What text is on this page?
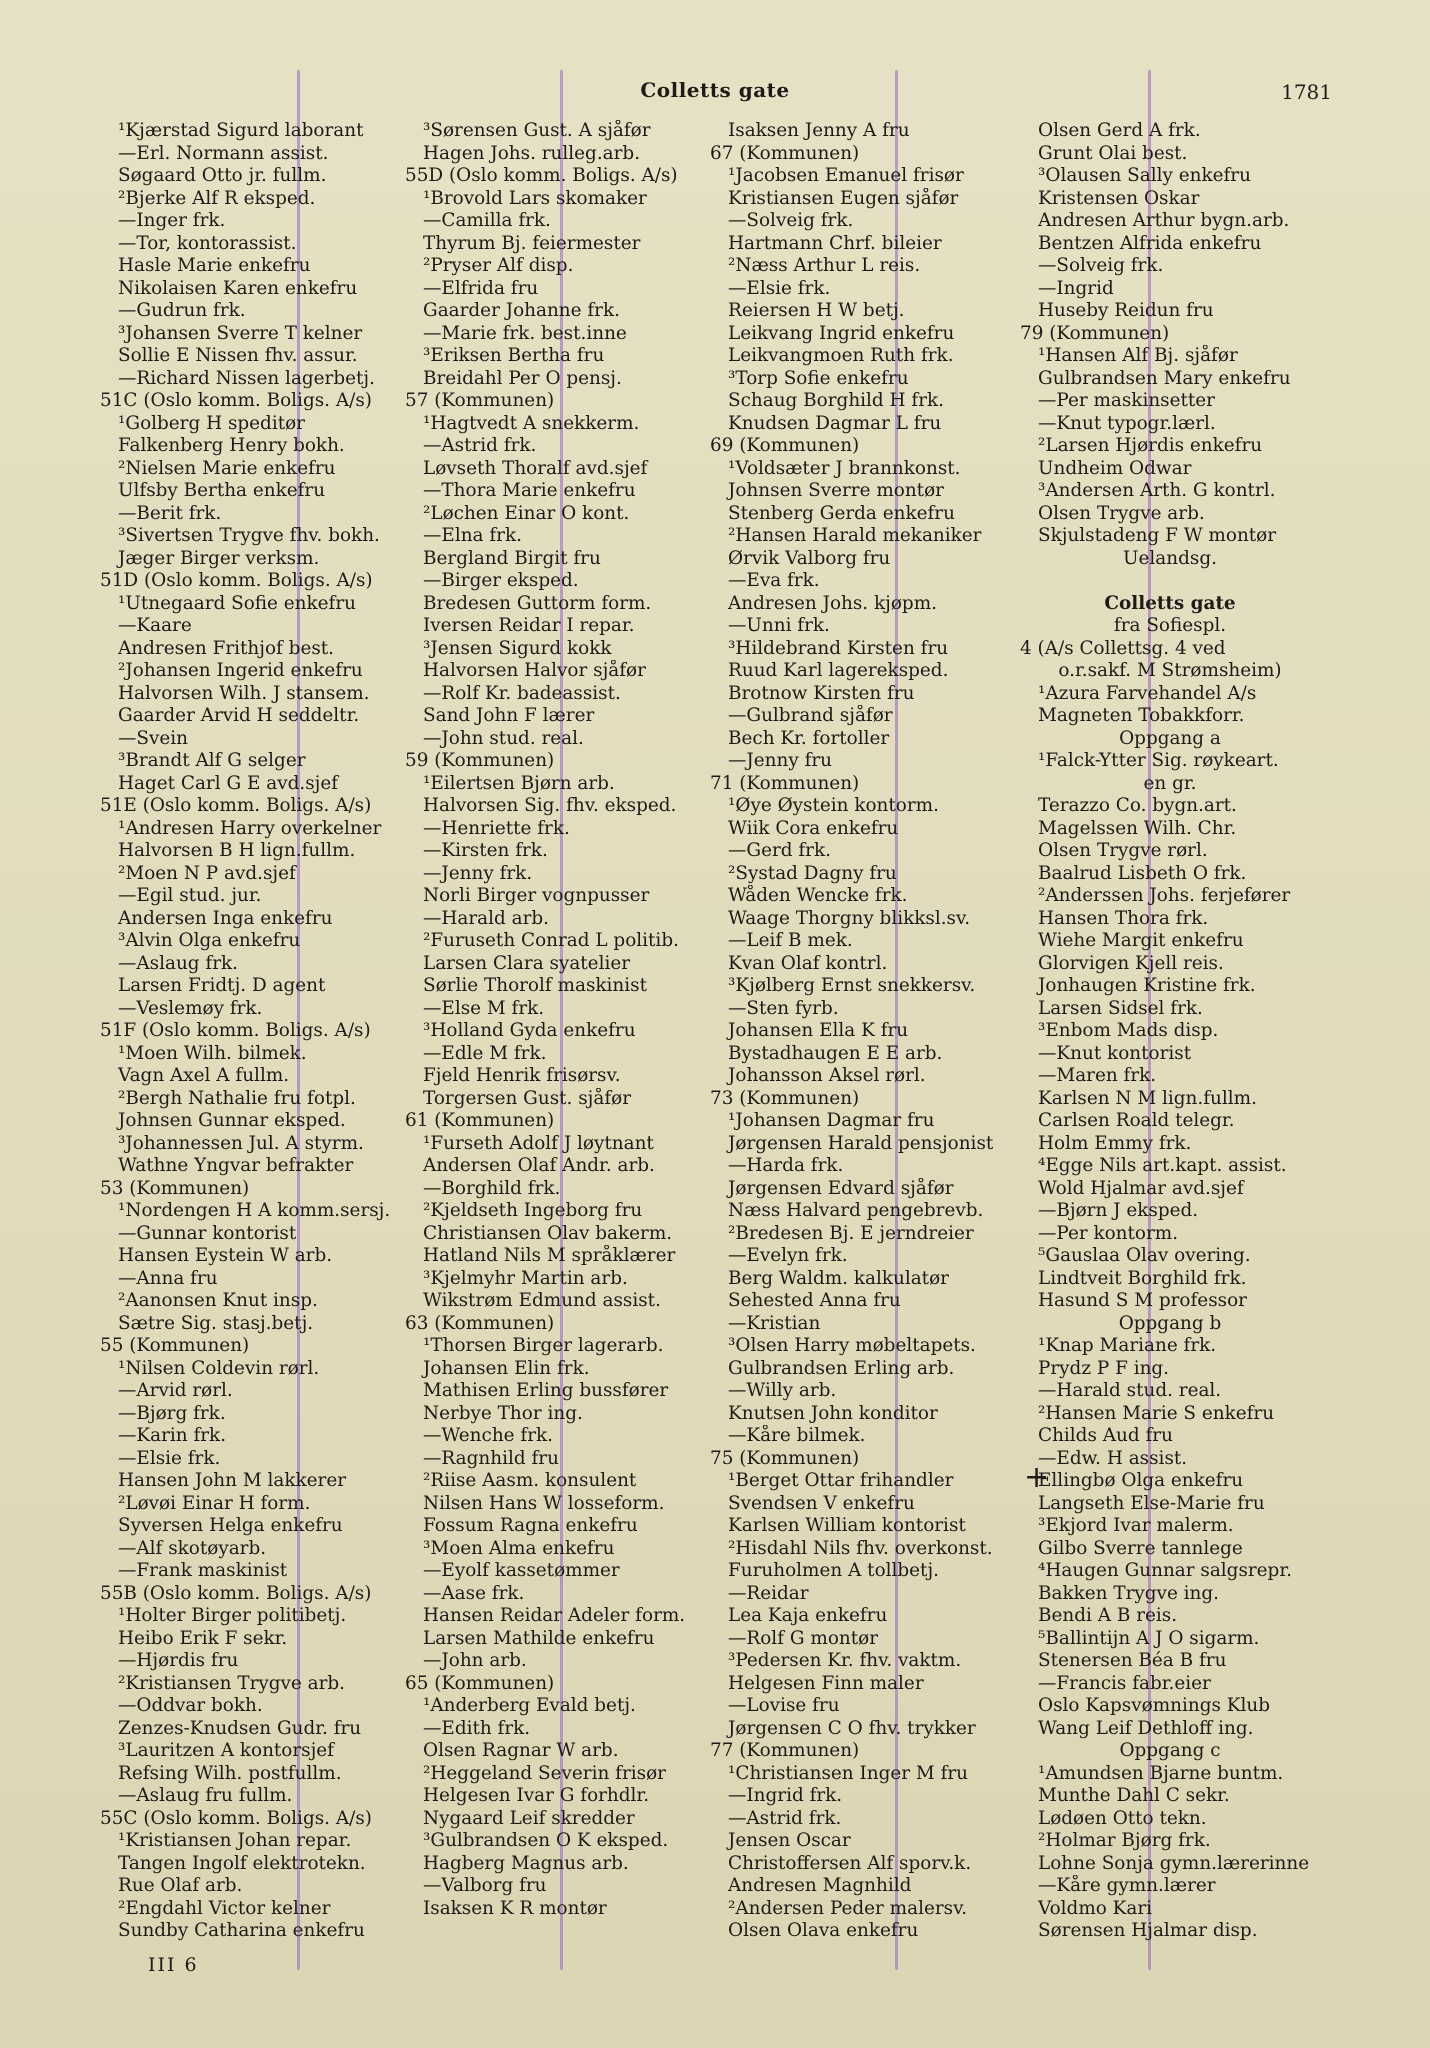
Colletts gate	1781
¹Kjærstad Sigurd laborant
—Erl. Normann assist.
Søgaard Otto jr. fullm.
²Bjerke Alf R eksped.
—Inger frk.
—Tor, kontorassist.
Hasle Marie enkefru
Nikolaisen Karen enkefru
—Gudrun frk.
³Johansen Sverre T kelner
Sollie E Nissen fhv. assur.
—Richard Nissen lagerbetj.
51C (Oslo komm. Boligs. A/s)
¹Golberg H speditør
Falkenberg Henry bokh.
²Nielsen Marie enkefru
Ulfsby Bertha enkefru
—Berit frk.
³Sivertsen Trygve fhv. bokh.
Jæger Birger verksm.
51D (Oslo komm. Boligs. A/s)
¹Utnegaard Sofie enkefru
—Kaare
Andresen Frithjof best.
²Johansen Ingerid enkefru
Halvorsen Wilh. J stansem.
Gaarder Arvid H seddeltr.
—Svein
³Brandt Alf G selger
Haget Carl G E avd.sjef
51E (Oslo komm. Boligs. A/s)
¹Andresen Harry overkelner
Halvorsen B H lign.fullm.
²Moen N P avd.sjef
—Egil stud. jur.
Andersen Inga enkefru
³Alvin Olga enkefru
—Aslaug frk.
Larsen Fridtj. D agent
—Veslemøy frk.
51F (Oslo komm. Boligs. A/s)
¹Moen Wilh. bilmek.
Vagn Axel A fullm.
²Bergh Nathalie fru fotpl.
Johnsen Gunnar eksped.
³Johannessen Jul. A styrm.
Wathne Yngvar befrakter
53 (Kommunen)
¹Nordengen H A komm.sersj.
—Gunnar kontorist
Hansen Eystein W arb.
—Anna fru
²Aanonsen Knut insp.
Sætre Sig. stasj.betj.
55 (Kommunen)
¹Nilsen Coldevin rørl.
—Arvid rørl.
—Bjørg frk.
—Karin frk.
—Elsie frk.
Hansen John M lakkerer
²Løvøi Einar H form.
Syversen Helga enkefru
—Alf skotøyarb.
—Frank maskinist
55B (Oslo komm. Boligs. A/s)
¹Holter Birger politibetj.
Heibo Erik F sekr.
—Hjørdis fru
²Kristiansen Trygve arb.
—Oddvar bokh.
Zenzes-Knudsen Gudr. fru
³Lauritzen A kontorsjef
Refsing Wilh. postfullm.
—Aslaug fru fullm.
55C (Oslo komm. Boligs. A/s)
¹Kristiansen Johan repar.
Tangen Ingolf elektrotekn.
Rue Olaf arb.
²Engdahl Victor kelner
Sundby Catharina enkefru
³Sørensen Gust. A sjåfør
Hagen Johs. rulleg.arb.
55D (Oslo komm. Boligs. A/s)
¹Brovold Lars skomaker
—Camilla frk.
Thyrum Bj. feiermester
²Pryser Alf disp.
—Elfrida fru
Gaarder Johanne frk.
—Marie frk. best.inne
³Eriksen Bertha fru
Breidahl Per O pensj.
57 (Kommunen)
¹Hagtvedt A snekkerm.
—Astrid frk.
Løvseth Thoralf avd.sjef
—Thora Marie enkefru
²Løchen Einar O kont.
—Elna frk.
Bergland Birgit fru
—Birger eksped.
Bredesen Guttorm form.
Iversen Reidar I repar.
³Jensen Sigurd kokk
Halvorsen Halvor sjåfør
—Rolf Kr. badeassist.
Sand John F lærer
—John stud. real.
59 (Kommunen)
¹Eilertsen Bjørn arb.
Halvorsen Sig. fhv. eksped.
—Henriette frk.
—Kirsten frk.
—Jenny frk.
Norli Birger vognpusser
—Harald arb.
²Furuseth Conrad L politib.
Larsen Clara syatelier
Sørlie Thorolf maskinist
—Else M frk.
³Holland Gyda enkefru
—Edle M frk.
Fjeld Henrik frisørsv.
Torgersen Gust. sjåfør
61 (Kommunen)
¹Furseth Adolf J løytnant
Andersen Olaf Andr. arb.
—Borghild frk.
²Kjeldseth Ingeborg fru
Christiansen Olav bakerm.
Hatland Nils M språklærer
³Kjelmyhr Martin arb.
Wikstrøm Edmund assist.
63 (Kommunen)
¹Thorsen Birger lagerarb.
Johansen Elin frk.
Mathisen Erling bussfører
Nerbye Thor ing.
—Wenche frk.
—Ragnhild fru
²Riise Aasm. konsulent
Nilsen Hans W losseform.
Fossum Ragna enkefru
³Moen Alma enkefru
—Eyolf kassetømmer
—Aase frk.
Hansen Reidar Adeler form.
Larsen Mathilde enkefru
—John arb.
65 (Kommunen)
¹Anderberg Evald betj.
—Edith frk.
Olsen Ragnar W arb.
²Heggeland Severin frisør
Helgesen Ivar G forhdlr.
Nygaard Leif skredder
³Gulbrandsen O K eksped.
Hagberg Magnus arb.
—Valborg fru
Isaksen K R montør
Isaksen Jenny A fru
67 (Kommunen)
¹Jacobsen Emanuel frisør
Kristiansen Eugen sjåfør
—Solveig frk.
Hartmann Chrf. bileier
²Næss Arthur L reis.
—Elsie frk.
Reiersen H W betj.
Leikvang Ingrid enkefru
Leikvangmoen Ruth frk.
³Torp Sofie enkefru
Schaug Borghild H frk.
Knudsen Dagmar L fru
69 (Kommunen)
¹Voldsæter J brannkonst.
Johnsen Sverre montør
Stenberg Gerda enkefru
²Hansen Harald mekaniker
Ørvik Valborg fru
—Eva frk.
Andresen Johs. kjøpm.
—Unni frk.
³Hildebrand Kirsten fru
Ruud Karl lagereksped.
Brotnow Kirsten fru
—Gulbrand sjåfør
Bech Kr. fortoller
—Jenny fru
71 (Kommunen)
¹Øye Øystein kontorm.
Wiik Cora enkefru
—Gerd frk.
²Systad Dagny fru
Wåden Wencke frk.
Waage Thorgny blikksl.sv.
—Leif B mek.
Kvan Olaf kontrl.
³Kjølberg Ernst snekkersv.
—Sten fyrb.
Johansen Ella K fru
Bystadhaugen E E arb.
Johansson Aksel rørl.
73 (Kommunen)
¹Johansen Dagmar fru
Jørgensen Harald pensjonist
—Harda frk.
Jørgensen Edvard sjåfør
Næss Halvard pengebrevb.
²Bredesen Bj. E jerndreier
—Evelyn frk.
Berg Waldm. kalkulatør
Sehested Anna fru
—Kristian
³Olsen Harry møbeltapets.
Gulbrandsen Erling arb.
—Willy arb.
Knutsen John konditor
—Kåre bilmek.
75 (Kommunen)
¹Berget Ottar frihandler
Svendsen V enkefru
Karlsen William kontorist
²Hisdahl Nils fhv. overkonst.
Furuholmen A tollbetj.
—Reidar
Lea Kaja enkefru
—Rolf G montør
³Pedersen Kr. fhv. vaktm.
Helgesen Finn maler
—Lovise fru
Jørgensen C O fhv. trykker
77 (Kommunen)
¹Christiansen Inger M fru
—Ingrid frk.
—Astrid frk.
Jensen Oscar
Christoffersen Alf sporv.k.
Andresen Magnhild
²Andersen Peder malersv.
Olsen Olava enkefru
Olsen Gerd A frk.
Grunt Olai best.
³Olausen Sally enkefru
Kristensen Oskar
Andresen Arthur bygn.arb.
Bentzen Alfrida enkefru
—Solveig frk.
—Ingrid
Huseby Reidun fru
79 (Kommunen)
¹Hansen Alf Bj. sjåfør
Gulbrandsen Mary enkefru
—Per maskinsetter
—Knut typogr.lærl.
²Larsen Hjørdis enkefru
Undheim Odwar
³Andersen Arth. G kontrl.
Olsen Trygve arb.
Skjulstadeng F W montør
Uelandsg.
Colletts gate
fra Sofiespl.
4 (A/s Collettsg. 4 ved
o.r.sakf. M Strømsheim)
¹Azura Farvehandel A/s
Magneten Tobakkforr.
Oppgang a
¹Falck-Ytter Sig. røykeart.
en gr.
Terazzo Co. bygn.art.
Magelssen Wilh. Chr.
Olsen Trygve rørl.
Baalrud Lisbeth O frk.
²Anderssen Johs. ferjefører
Hansen Thora frk.
Wiehe Margit enkefru
Glorvigen Kjell reis.
Jonhaugen Kristine frk.
Larsen Sidsel frk.
³Enbom Mads disp.
—Knut kontorist
—Maren frk.
Karlsen N M lign.fullm.
Carlsen Roald telegr.
Holm Emmy frk.
⁴Egge Nils art.kapt. assist.
Wold Hjalmar avd.sjef
—Bjørn J eksped.
—Per kontorm.
⁵Gauslaa Olav overing.
Lindtveit Borghild frk.
Hasund S M professor
Oppgang b
¹Knap Mariane frk.
Prydz P F ing.
—Harald stud. real.
²Hansen Marie S enkefru
Childs Aud fru
—Edw. H assist.
Ellingbø Olga enkefru
Langseth Else-Marie fru
³Ekjord Ivar malerm.
Gilbo Sverre tannlege
⁴Haugen Gunnar salgsrepr.
Bakken Trygve ing.
Bendi A B reis.
⁵Ballintijn A J O sigarm.
Stenersen Béa B fru
—Francis fabr.eier
Oslo Kapsvømnings Klub
Wang Leif Dethloff ing.
Oppgang c
¹Amundsen Bjarne buntm.
Munthe Dahl C sekr.
Lødøen Otto tekn.
²Holmar Bjørg frk.
Lohne Sonja gymn.lærerinne
—Kåre gymn.lærer
Voldmo Kari
Sørensen Hjalmar disp.
+
III 6
